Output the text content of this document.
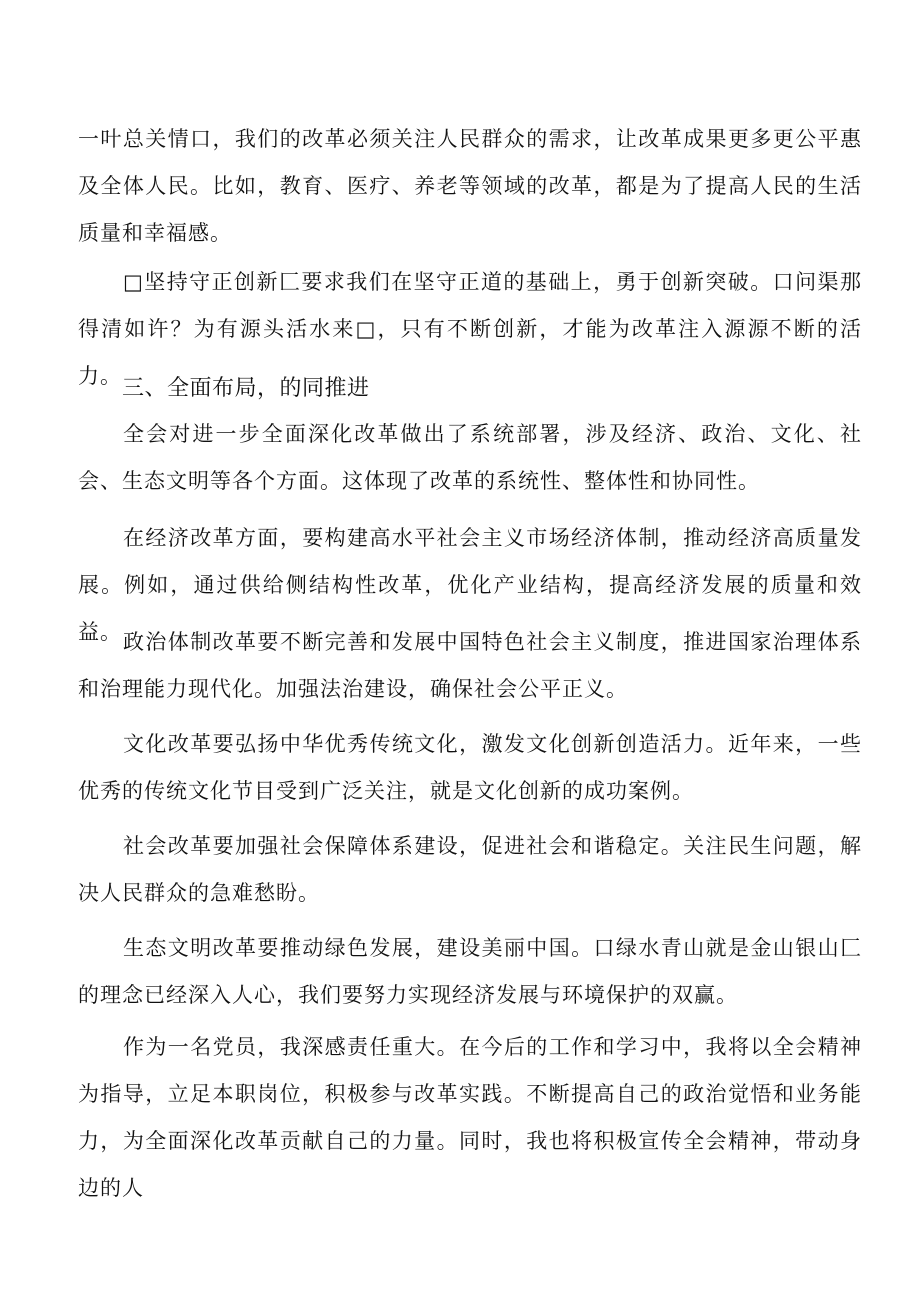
一叶总关情口，我们的改革必须关注人民群众的需求，让改革成果更多更公平惠及全体人民。比如，教育、医疗、养老等领域的改革，都是为了提高人民的生活质量和幸福感。

□坚持守正创新匚要求我们在坚守正道的基础上，勇于创新突破。口问渠那得清如许？为有源头活水来□，只有不断创新，才能为改革注入源源不断的活力。 三、全面布局，的同推进

全会对进一步全面深化改革做出了系统部署，涉及经济、政治、文化、社会、生态文明等各个方面。这体现了改革的系统性、整体性和协同性。

在经济改革方面，要构建高水平社会主义市场经济体制，推动经济高质量发展。例如，通过供给侧结构性改革，优化产业结构，提高经济发展的质量和效益。 政治体制改革要不断完善和发展中国特色社会主义制度，推进国家治理体系和治理能力现代化。加强法治建设，确保社会公平正义。

文化改革要弘扬中华优秀传统文化，激发文化创新创造活力。近年来，一些优秀的传统文化节目受到广泛关注，就是文化创新的成功案例。

社会改革要加强社会保障体系建设，促进社会和谐稳定。关注民生问题，解决人民群众的急难愁盼。

生态文明改革要推动绿色发展，建设美丽中国。口绿水青山就是金山银山匚的理念已经深入人心，我们要努力实现经济发展与环境保护的双赢。

作为一名党员，我深感责任重大。在今后的工作和学习中，我将以全会精神为指导，立足本职岗位，积极参与改革实践。不断提高自己的政治觉悟和业务能力，为全面深化改革贡献自己的力量。同时，我也将积极宣传全会精神，带动身边的人
